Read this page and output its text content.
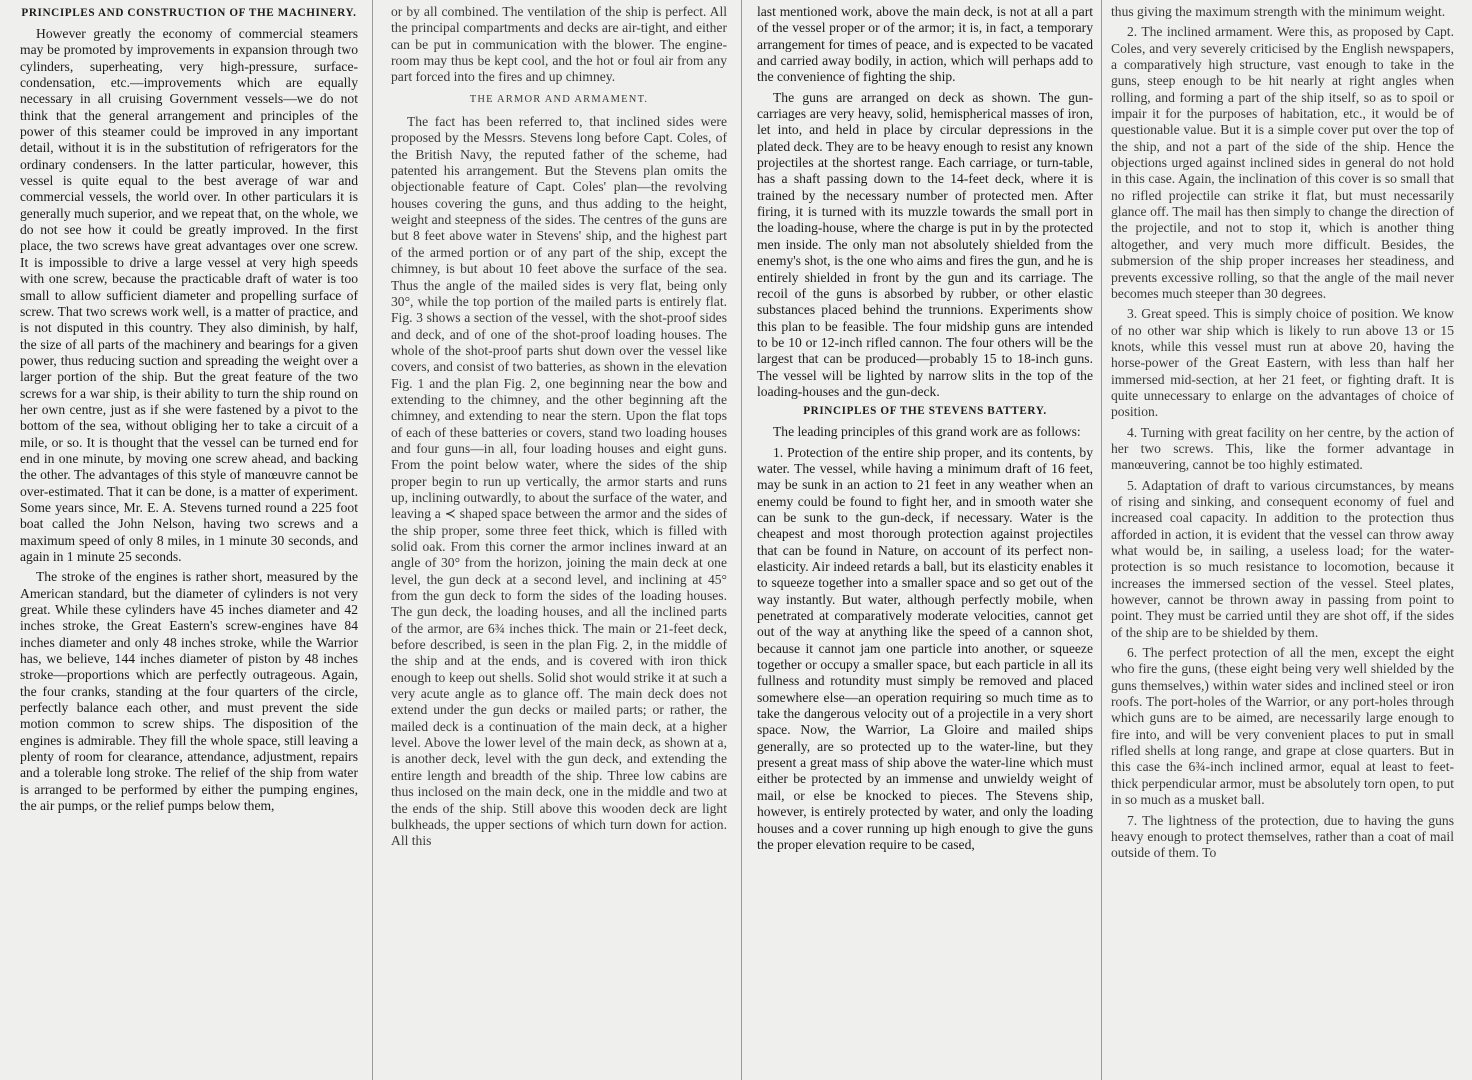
PRINCIPLES AND CONSTRUCTION OF THE MACHINERY.

However greatly the economy of commercial steamers may be promoted by improvements in expansion through two cylinders, superheating, very high-pressure, surface-condensation, etc.—improvements which are equally necessary in all cruising Government vessels—we do not think that the general arrangement and principles of the power of this steamer could be improved in any important detail, without it is in the substitution of refrigerators for the ordinary condensers. In the latter particular, however, this vessel is quite equal to the best average of war and commercial vessels, the world over. In other particulars it is generally much superior, and we repeat that, on the whole, we do not see how it could be greatly improved. In the first place, the two screws have great advantages over one screw. It is impossible to drive a large vessel at very high speeds with one screw, because the practicable draft of water is too small to allow sufficient diameter and propelling surface of screw. That two screws work well, is a matter of practice, and is not disputed in this country. They also diminish, by half, the size of all parts of the machinery and bearings for a given power, thus reducing suction and spreading the weight over a larger portion of the ship. But the great feature of the two screws for a war ship, is their ability to turn the ship round on her own centre, just as if she were fastened by a pivot to the bottom of the sea, without obliging her to take a circuit of a mile, or so. It is thought that the vessel can be turned end for end in one minute, by moving one screw ahead, and backing the other. The advantages of this style of manœuvre cannot be over-estimated. That it can be done, is a matter of experiment. Some years since, Mr. E. A. Stevens turned round a 225 foot boat called the John Nelson, having two screws and a maximum speed of only 8 miles, in 1 minute 30 seconds, and again in 1 minute 25 seconds.

The stroke of the engines is rather short, measured by the American standard, but the diameter of cylinders is not very great. While these cylinders have 45 inches diameter and 42 inches stroke, the Great Eastern's screw-engines have 84 inches diameter and only 48 inches stroke, while the Warrior has, we believe, 144 inches diameter of piston by 48 inches stroke—proportions which are perfectly outrageous. Again, the four cranks, standing at the four quarters of the circle, perfectly balance each other, and must prevent the side motion common to screw ships. The disposition of the engines is admirable. They fill the whole space, still leaving a plenty of room for clearance, attendance, adjustment, repairs and a tolerable long stroke. The relief of the ship from water is arranged to be performed by either the pumping engines, the air pumps, or the relief pumps below them,

or by all combined. The ventilation of the ship is perfect. All the principal compartments and decks are air-tight, and either can be put in communication with the blower. The engine-room may thus be kept cool, and the hot or foul air from any part forced into the fires and up chimney.

THE ARMOR AND ARMAMENT.

The fact has been referred to, that inclined sides were proposed by the Messrs. Stevens long before Capt. Coles, of the British Navy, the reputed father of the scheme, had patented his arrangement. But the Stevens plan omits the objectionable feature of Capt. Coles' plan—the revolving houses covering the guns, and thus adding to the height, weight and steepness of the sides. The centres of the guns are but 8 feet above water in Stevens' ship, and the highest part of the armed portion or of any part of the ship, except the chimney, is but about 10 feet above the surface of the sea. Thus the angle of the mailed sides is very flat, being only 30°, while the top portion of the mailed parts is entirely flat. Fig. 3 shows a section of the vessel, with the shot-proof sides and deck, and of one of the shot-proof loading houses. The whole of the shot-proof parts shut down over the vessel like covers, and consist of two batteries, as shown in the elevation Fig. 1 and the plan Fig. 2, one beginning near the bow and extending to the chimney, and the other beginning aft the chimney, and extending to near the stern. Upon the flat tops of each of these batteries or covers, stand two loading houses and four guns—in all, four loading houses and eight guns. From the point below water, where the sides of the ship proper begin to run up vertically, the armor starts and runs up, inclining outwardly, to about the surface of the water, and leaving a ≺ shaped space between the armor and the sides of the ship proper, some three feet thick, which is filled with solid oak. From this corner the armor inclines inward at an angle of 30° from the horizon, joining the main deck at one level, the gun deck at a second level, and inclining at 45° from the gun deck to form the sides of the loading houses. The gun deck, the loading houses, and all the inclined parts of the armor, are 6¾ inches thick. The main or 21-feet deck, before described, is seen in the plan Fig. 2, in the middle of the ship and at the ends, and is covered with iron thick enough to keep out shells. Solid shot would strike it at such a very acute angle as to glance off. The main deck does not extend under the gun decks or mailed parts; or rather, the mailed deck is a continuation of the main deck, at a higher level. Above the lower level of the main deck, as shown at a, is another deck, level with the gun deck, and extending the entire length and breadth of the ship. Three low cabins are thus inclosed on the main deck, one in the middle and two at the ends of the ship. Still above this wooden deck are light bulkheads, the upper sections of which turn down for action. All this

last mentioned work, above the main deck, is not at all a part of the vessel proper or of the armor; it is, in fact, a temporary arrangement for times of peace, and is expected to be vacated and carried away bodily, in action, which will perhaps add to the convenience of fighting the ship.

The guns are arranged on deck as shown. The gun-carriages are very heavy, solid, hemispherical masses of iron, let into, and held in place by circular depressions in the plated deck. They are to be heavy enough to resist any known projectiles at the shortest range. Each carriage, or turn-table, has a shaft passing down to the 14-feet deck, where it is trained by the necessary number of protected men. After firing, it is turned with its muzzle towards the small port in the loading-house, where the charge is put in by the protected men inside. The only man not absolutely shielded from the enemy's shot, is the one who aims and fires the gun, and he is entirely shielded in front by the gun and its carriage. The recoil of the guns is absorbed by rubber, or other elastic substances placed behind the trunnions. Experiments show this plan to be feasible. The four midship guns are intended to be 10 or 12-inch rifled cannon. The four others will be the largest that can be produced—probably 15 to 18-inch guns. The vessel will be lighted by narrow slits in the top of the loading-houses and the gun-deck.

PRINCIPLES OF THE STEVENS BATTERY.

The leading principles of this grand work are as follows:

1. Protection of the entire ship proper, and its contents, by water. The vessel, while having a minimum draft of 16 feet, may be sunk in an action to 21 feet in any weather when an enemy could be found to fight her, and in smooth water she can be sunk to the gun-deck, if necessary. Water is the cheapest and most thorough protection against projectiles that can be found in Nature, on account of its perfect non-elasticity. Air indeed retards a ball, but its elasticity enables it to squeeze together into a smaller space and so get out of the way instantly. But water, although perfectly mobile, when penetrated at comparatively moderate velocities, cannot get out of the way at anything like the speed of a cannon shot, because it cannot jam one particle into another, or squeeze together or occupy a smaller space, but each particle in all its fullness and rotundity must simply be removed and placed somewhere else—an operation requiring so much time as to take the dangerous velocity out of a projectile in a very short space. Now, the Warrior, La Gloire and mailed ships generally, are so protected up to the water-line, but they present a great mass of ship above the water-line which must either be protected by an immense and unwieldy weight of mail, or else be knocked to pieces. The Stevens ship, however, is entirely protected by water, and only the loading houses and a cover running up high enough to give the guns the proper elevation require to be cased,

thus giving the maximum strength with the minimum weight.

2. The inclined armament. Were this, as proposed by Capt. Coles, and very severely criticised by the English newspapers, a comparatively high structure, vast enough to take in the guns, steep enough to be hit nearly at right angles when rolling, and forming a part of the ship itself, so as to spoil or impair it for the purposes of habitation, etc., it would be of questionable value. But it is a simple cover put over the top of the ship, and not a part of the side of the ship. Hence the objections urged against inclined sides in general do not hold in this case. Again, the inclination of this cover is so small that no rifled projectile can strike it flat, but must necessarily glance off. The mail has then simply to change the direction of the projectile, and not to stop it, which is another thing altogether, and very much more difficult. Besides, the submersion of the ship proper increases her steadiness, and prevents excessive rolling, so that the angle of the mail never becomes much steeper than 30 degrees.

3. Great speed. This is simply choice of position. We know of no other war ship which is likely to run above 13 or 15 knots, while this vessel must run at above 20, having the horse-power of the Great Eastern, with less than half her immersed mid-section, at her 21 feet, or fighting draft. It is quite unnecessary to enlarge on the advantages of choice of position.

4. Turning with great facility on her centre, by the action of her two screws. This, like the former advantage in manœuvering, cannot be too highly estimated.

5. Adaptation of draft to various circumstances, by means of rising and sinking, and consequent economy of fuel and increased coal capacity. In addition to the protection thus afforded in action, it is evident that the vessel can throw away what would be, in sailing, a useless load; for the water-protection is so much resistance to locomotion, because it increases the immersed section of the vessel. Steel plates, however, cannot be thrown away in passing from point to point. They must be carried until they are shot off, if the sides of the ship are to be shielded by them.

6. The perfect protection of all the men, except the eight who fire the guns, (these eight being very well shielded by the guns themselves,) within water sides and inclined steel or iron roofs. The port-holes of the Warrior, or any port-holes through which guns are to be aimed, are necessarily large enough to fire into, and will be very convenient places to put in small rifled shells at long range, and grape at close quarters. But in this case the 6¾-inch inclined armor, equal at least to feet-thick perpendicular armor, must be absolutely torn open, to put in so much as a musket ball.

7. The lightness of the protection, due to having the guns heavy enough to protect themselves, rather than a coat of mail outside of them. To
